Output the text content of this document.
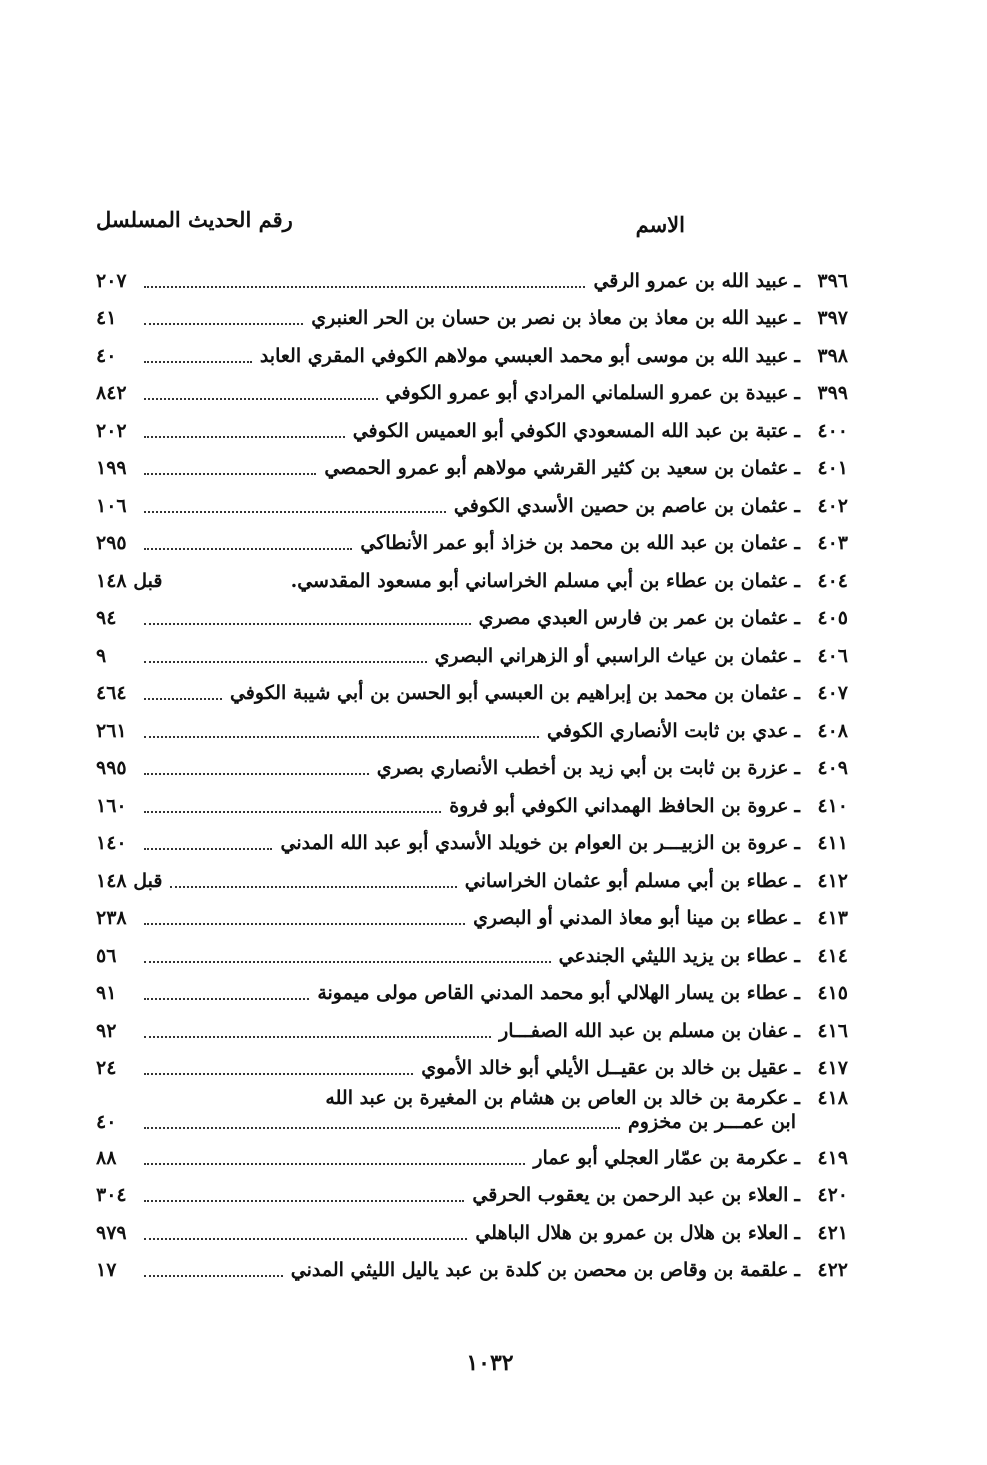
الاسم
رقم الحديث المسلسل
٣٩٦
ـ
عبيد الله بن عمرو الرقي
٢٠٧
٣٩٧
ـ
عبيد الله بن معاذ بن معاذ بن نصر بن حسان بن الحر العنبري
٤١
٣٩٨
ـ
عبيد الله بن موسى أبو محمد العبسي مولاهم الكوفي المقري العابد
٤٠
٣٩٩
ـ
عبيدة بن عمرو السلماني المرادي أبو عمرو الكوفي
٨٤٢
٤٠٠
ـ
عتبة بن عبد الله المسعودي الكوفي أبو العميس الكوفي
٢٠٢
٤٠١
ـ
عثمان بن سعيد بن كثير القرشي مولاهم أبو عمرو الحمصي
١٩٩
٤٠٢
ـ
عثمان بن عاصم بن حصين الأسدي الكوفي
١٠٦
٤٠٣
ـ
عثمان بن عبد الله بن محمد بن خزاذ أبو عمر الأنطاكي
٢٩٥
٤٠٤
ـ
عثمان بن عطاء بن أبي مسلم الخراساني أبو مسعود المقدسي.
قبل ١٤٨
٤٠٥
ـ
عثمان بن عمر بن فارس العبدي مصري
٩٤
٤٠٦
ـ
عثمان بن عياث الراسبي أو الزهراني البصري
٩
٤٠٧
ـ
عثمان بن محمد بن إبراهيم بن العبسي أبو الحسن بن أبي شيبة الكوفي
٤٦٤
٤٠٨
ـ
عدي بن ثابت الأنصاري الكوفي
٢٦١
٤٠٩
ـ
عزرة بن ثابت بن أبي زيد بن أخطب الأنصاري بصري
٩٩٥
٤١٠
ـ
عروة بن الحافظ الهمداني الكوفي أبو فروة
١٦٠
٤١١
ـ
عروة بن الزبيـــر بن العوام بن خويلد الأسدي أبو عبد الله المدني
١٤٠
٤١٢
ـ
عطاء بن أبي مسلم أبو عثمان الخراساني
قبل ١٤٨
٤١٣
ـ
عطاء بن مينا أبو معاذ المدني أو البصري
٢٣٨
٤١٤
ـ
عطاء بن يزيد الليثي الجندعي
٥٦
٤١٥
ـ
عطاء بن يسار الهلالي أبو محمد المدني القاص مولى ميمونة
٩١
٤١٦
ـ
عفان بن مسلم بن عبد الله الصفـــار
٩٢
٤١٧
ـ
عقيل بن خالد بن عقيــل الأيلي أبو خالد الأموي
٢٤
٤١٨
ـ
عكرمة بن خالد بن العاص بن هشام بن المغيرة بن عبد الله
ابن عمـــر بن مخزوم
٤٠
٤١٩
ـ
عكرمة بن عمّار العجلي أبو عمار
٨٨
٤٢٠
ـ
العلاء بن عبد الرحمن بن يعقوب الحرقي
٣٠٤
٤٢١
ـ
العلاء بن هلال بن عمرو بن هلال الباهلي
٩٧٩
٤٢٢
ـ
علقمة بن وقاص بن محصن بن كلدة بن عبد ياليل الليثي المدني
١٧
١٠٣٢
